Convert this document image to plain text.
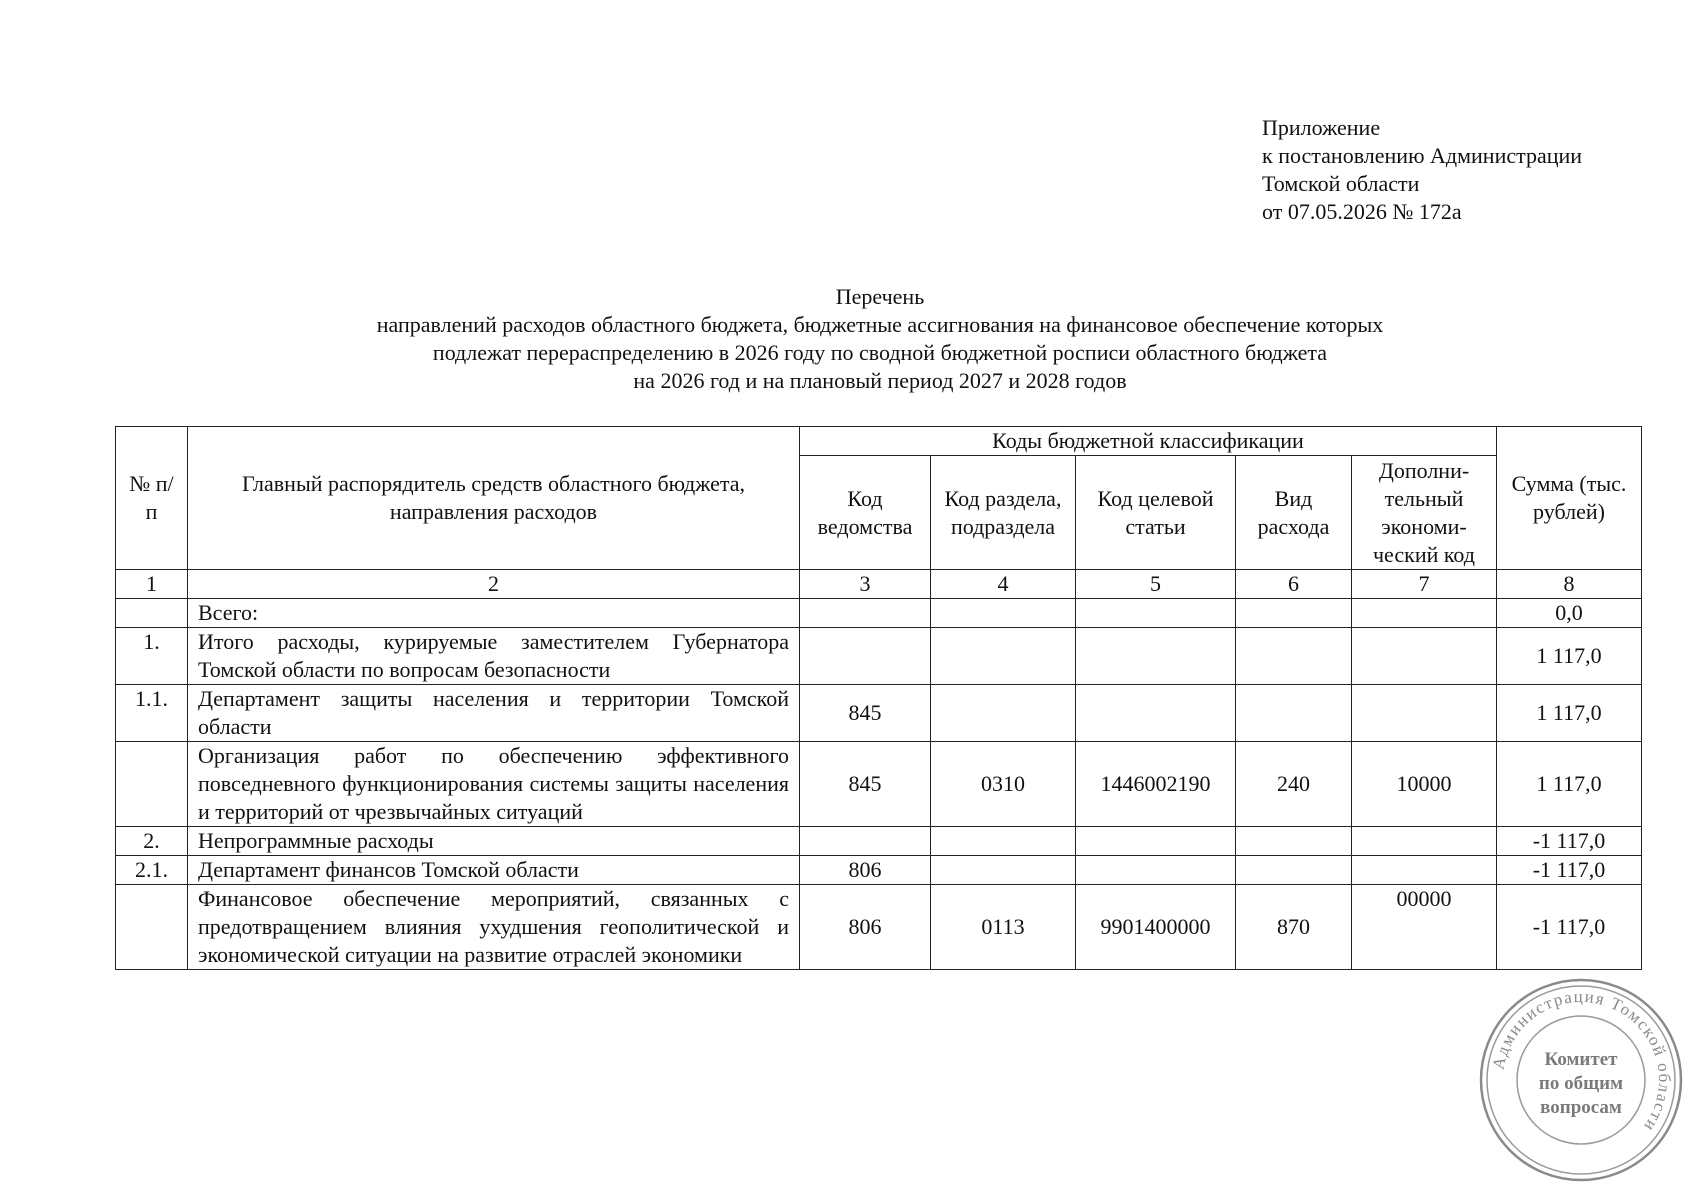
Приложение
к постановлению Администрации
Томской области
от 07.05.2026 № 172а
Перечень
направлений расходов областного бюджета, бюджетные ассигнования на финансовое обеспечение которых
подлежат перераспределению в 2026 году по сводной бюджетной росписи областного бюджета
на 2026 год и на плановый период 2027 и 2028 годов
№ п/п	Главный распорядитель средств областного бюджета, направления расходов	Коды бюджетной классификации					Сумма (тыс. рублей)
		Код ведомства	Код раздела, подраздела	Код целевой статьи	Вид расхода	Дополни-тельный экономи-ческий код	
1	2	3	4	5	6	7	8
	Всего:						0,0
1.	Итого расходы, курируемые заместителем Губернатора Томской области по вопросам безопасности						1 117,0
1.1.	Департамент защиты населения и территории Томской области	845					1 117,0
	Организация работ по обеспечению эффективного повседневного функционирования системы защиты населения и территорий от чрезвычайных ситуаций	845	0310	1446002190	240	10000	1 117,0
2.	Непрограммные расходы						-1 117,0
2.1.	Департамент финансов Томской области	806					-1 117,0
	Финансовое обеспечение мероприятий, связанных с предотвращением влияния ухудшения геополитической и экономической ситуации на развитие отраслей экономики	806	0113	9901400000	870	00000	-1 117,0
Администрация Томской области
Комитет
по общим
вопросам
